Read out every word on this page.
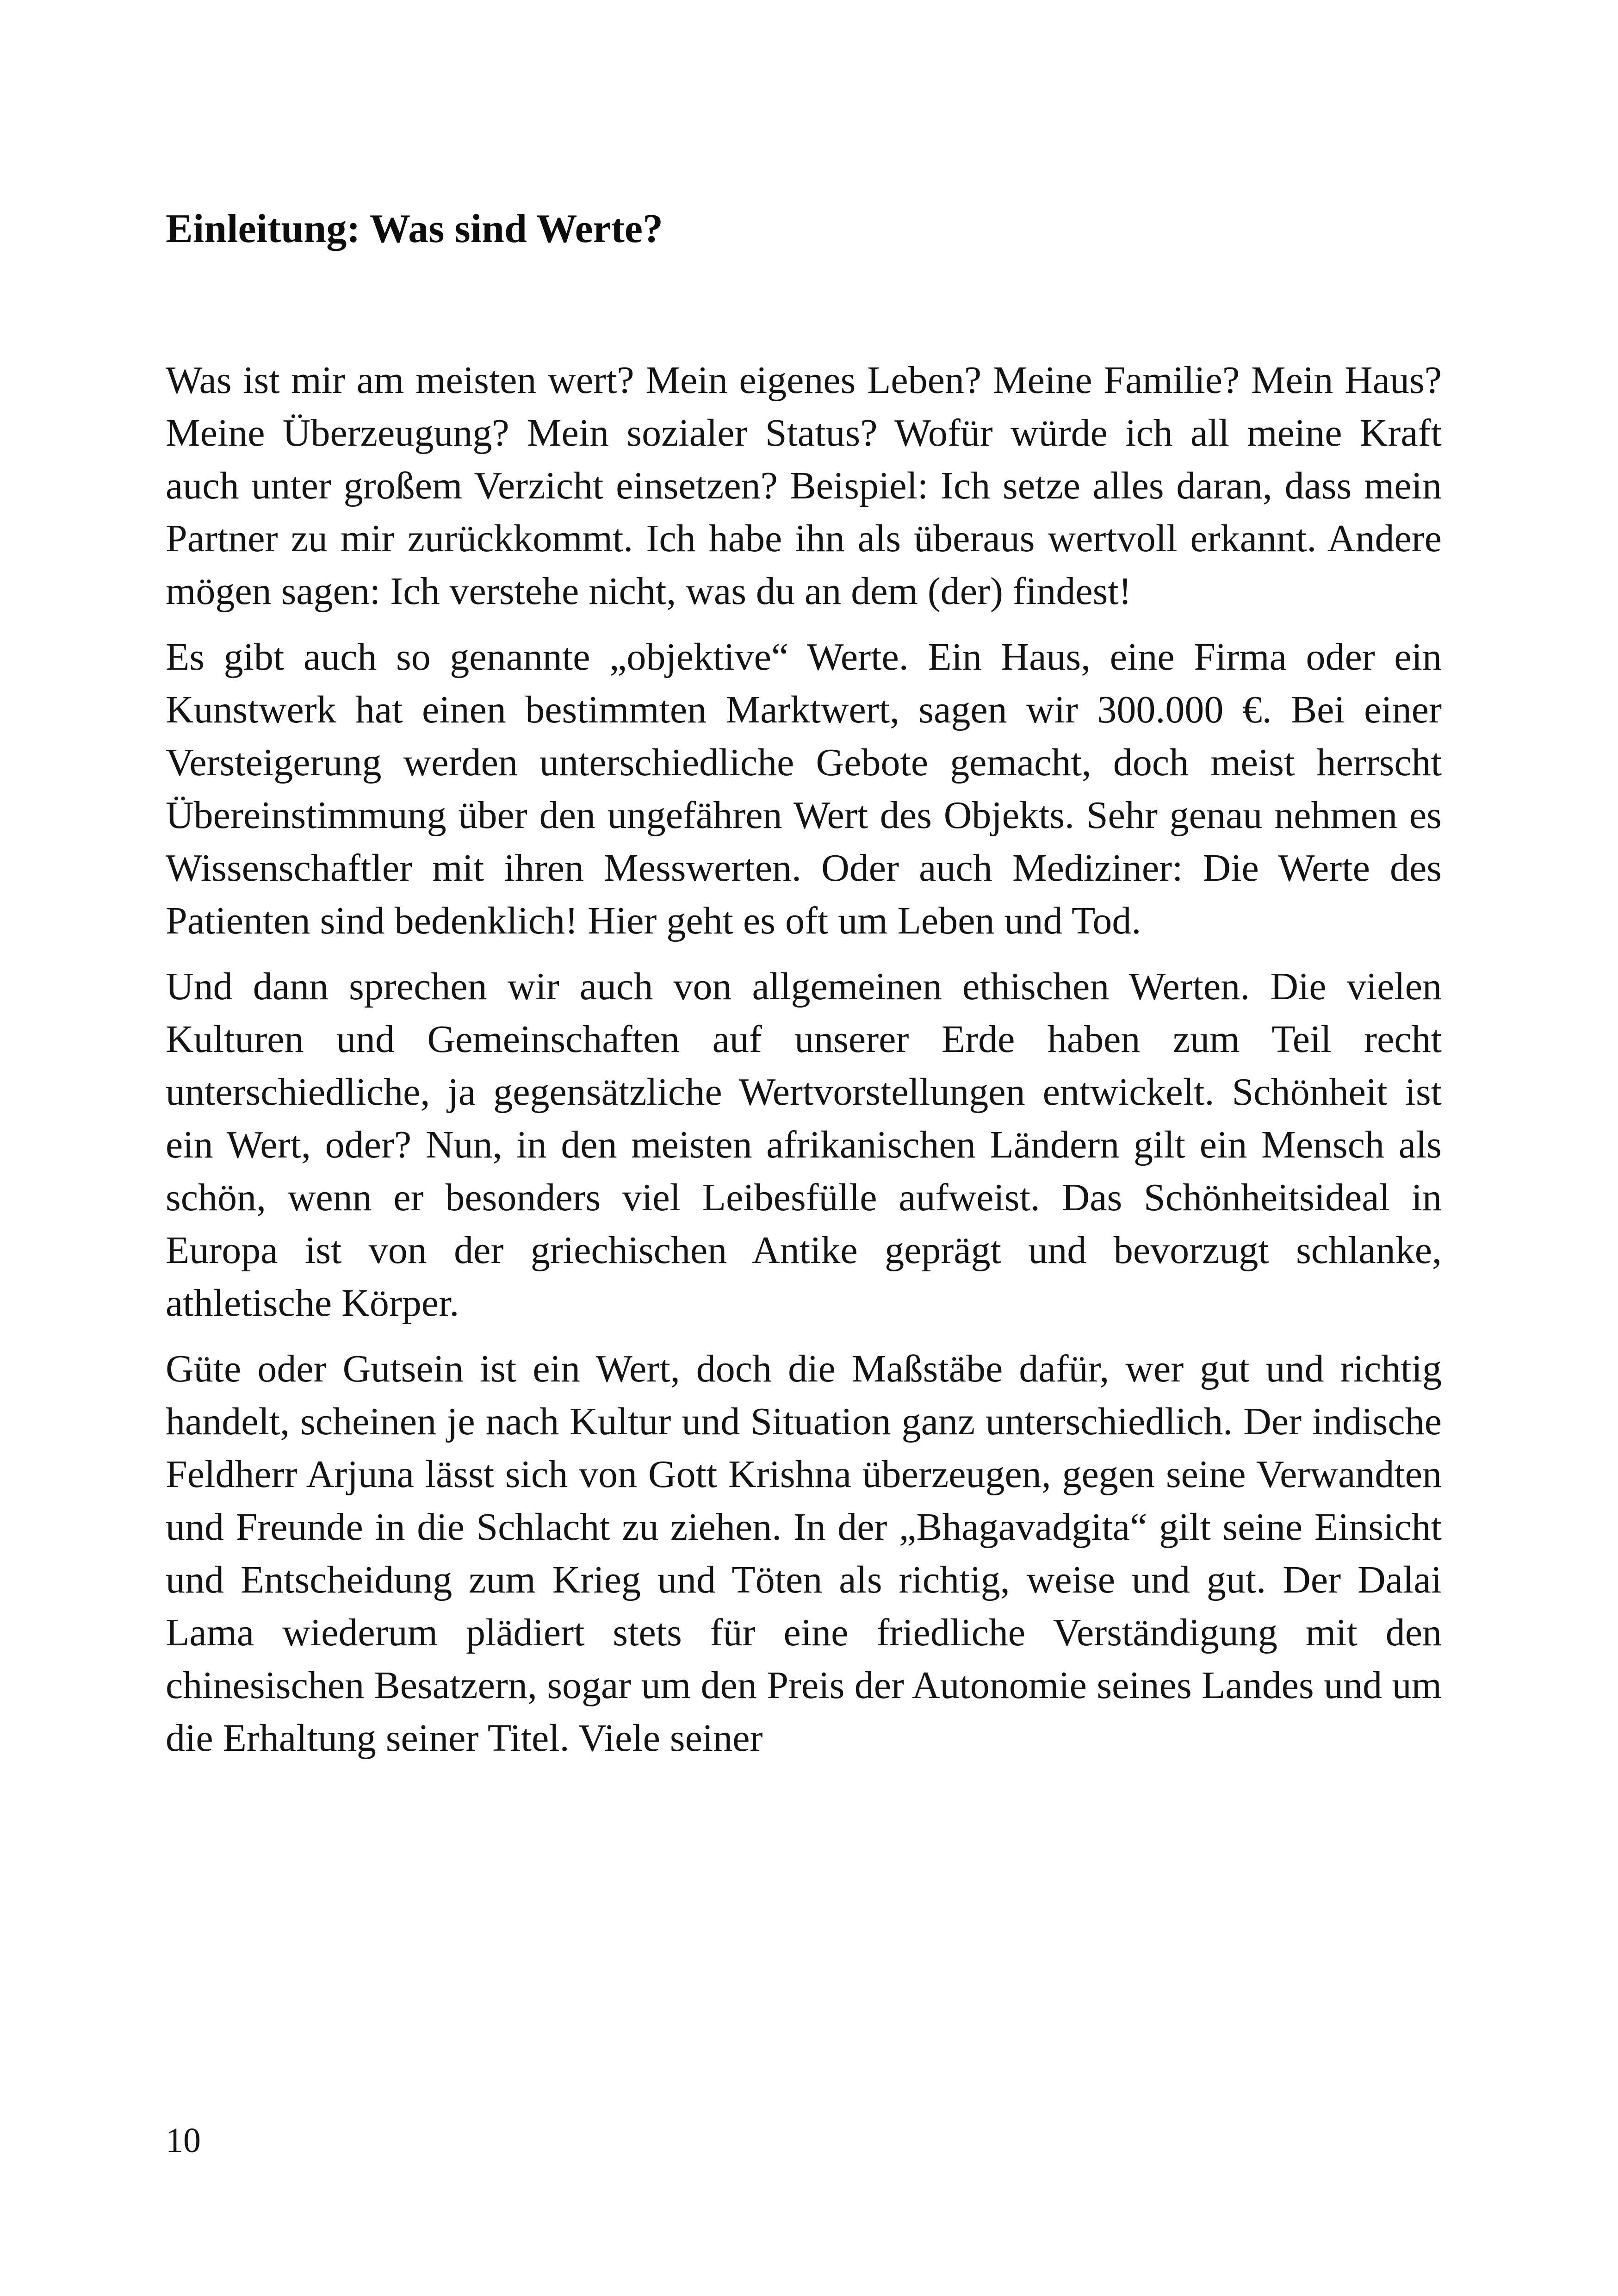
Einleitung: Was sind Werte?

Was ist mir am meisten wert? Mein eigenes Leben? Meine Familie? Mein Haus? Meine Überzeugung? Mein sozialer Status? Wofür würde ich all meine Kraft auch unter großem Verzicht einsetzen? Beispiel: Ich setze alles daran, dass mein Partner zu mir zurückkommt. Ich habe ihn als überaus wertvoll erkannt. Andere mögen sagen: Ich verstehe nicht, was du an dem (der) findest!

Es gibt auch so genannte „objektive“ Werte. Ein Haus, eine Firma oder ein Kunstwerk hat einen bestimmten Marktwert, sagen wir 300.000 €. Bei einer Versteigerung werden unterschiedliche Gebote gemacht, doch meist herrscht Übereinstimmung über den ungefähren Wert des Objekts. Sehr genau nehmen es Wissenschaftler mit ihren Messwerten. Oder auch Mediziner: Die Werte des Patienten sind bedenklich! Hier geht es oft um Leben und Tod.

Und dann sprechen wir auch von allgemeinen ethischen Werten. Die vielen Kulturen und Gemeinschaften auf unserer Erde haben zum Teil recht unterschiedliche, ja gegensätzliche Wertvorstellungen entwickelt. Schönheit ist ein Wert, oder? Nun, in den meisten afrikanischen Ländern gilt ein Mensch als schön, wenn er besonders viel Leibesfülle aufweist. Das Schönheitsideal in Europa ist von der griechischen Antike geprägt und bevorzugt schlanke, athletische Körper.

Güte oder Gutsein ist ein Wert, doch die Maßstäbe dafür, wer gut und richtig handelt, scheinen je nach Kultur und Situation ganz unterschiedlich. Der indische Feldherr Arjuna lässt sich von Gott Krishna überzeugen, gegen seine Verwandten und Freunde in die Schlacht zu ziehen. In der „Bhagavadgita“ gilt seine Einsicht und Entscheidung zum Krieg und Töten als richtig, weise und gut. Der Dalai Lama wiederum plädiert stets für eine friedliche Verständigung mit den chinesischen Besatzern, sogar um den Preis der Autonomie seines Landes und um die Erhaltung seiner Titel. Viele seiner

10
